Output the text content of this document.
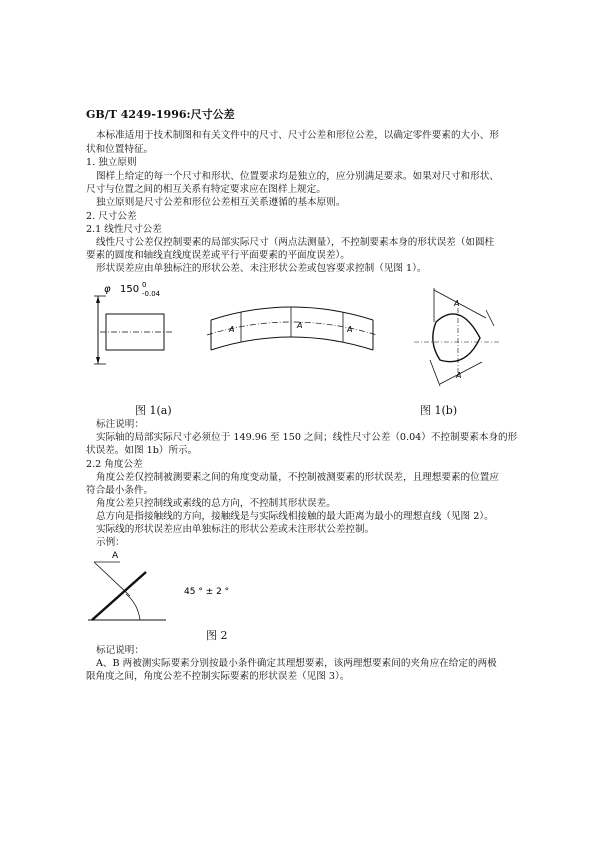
GB/T 4249-1996:尺寸公差
本标准适用于技术制图和有关文件中的尺寸、尺寸公差和形位公差，以确定零件要素的大小、形
状和位置特征。
1. 独立原则
图样上给定的每一个尺寸和形状、位置要求均是独立的，应分别满足要求。如果对尺寸和形状、
尺寸与位置之间的相互关系有特定要求应在图样上规定。
独立原则是尺寸公差和形位公差相互关系遵循的基本原则。
2. 尺寸公差
2.1 线性尺寸公差
线性尺寸公差仅控制要素的局部实际尺寸（两点法测量），不控制要素本身的形状误差（如圆柱
要素的圆度和轴线直线度误差或平行平面要素的平面度误差）。
形状误差应由单独标注的形状公差、未注形状公差或包容要求控制（见图 1）。
φ 150 0
-0.04
A	A	A
A
A
图 1(a)	图 1(b)
标注说明：
实际轴的局部实际尺寸必须位于 149.96 至 150 之间；线性尺寸公差（0.04）不控制要素本身的形
状误差。如图 1b）所示。
2.2 角度公差
角度公差仅控制被测要素之间的角度变动量，不控制被测要素的形状误差，且理想要素的位置应
符合最小条件。
角度公差只控制线或素线的总方向，不控制其形状误差。
总方向是指接触线的方向，接触线是与实际线相接触的最大距离为最小的理想直线（见图 2）。
实际线的形状误差应由单独标注的形状公差或未注形状公差控制。
示例：
A
45 ° ± 2 °
图 2
标记说明：
A、B 两被测实际要素分别按最小条件确定其理想要素，该两理想要素间的夹角应在给定的两极
限角度之间，角度公差不控制实际要素的形状误差（见图 3）。
